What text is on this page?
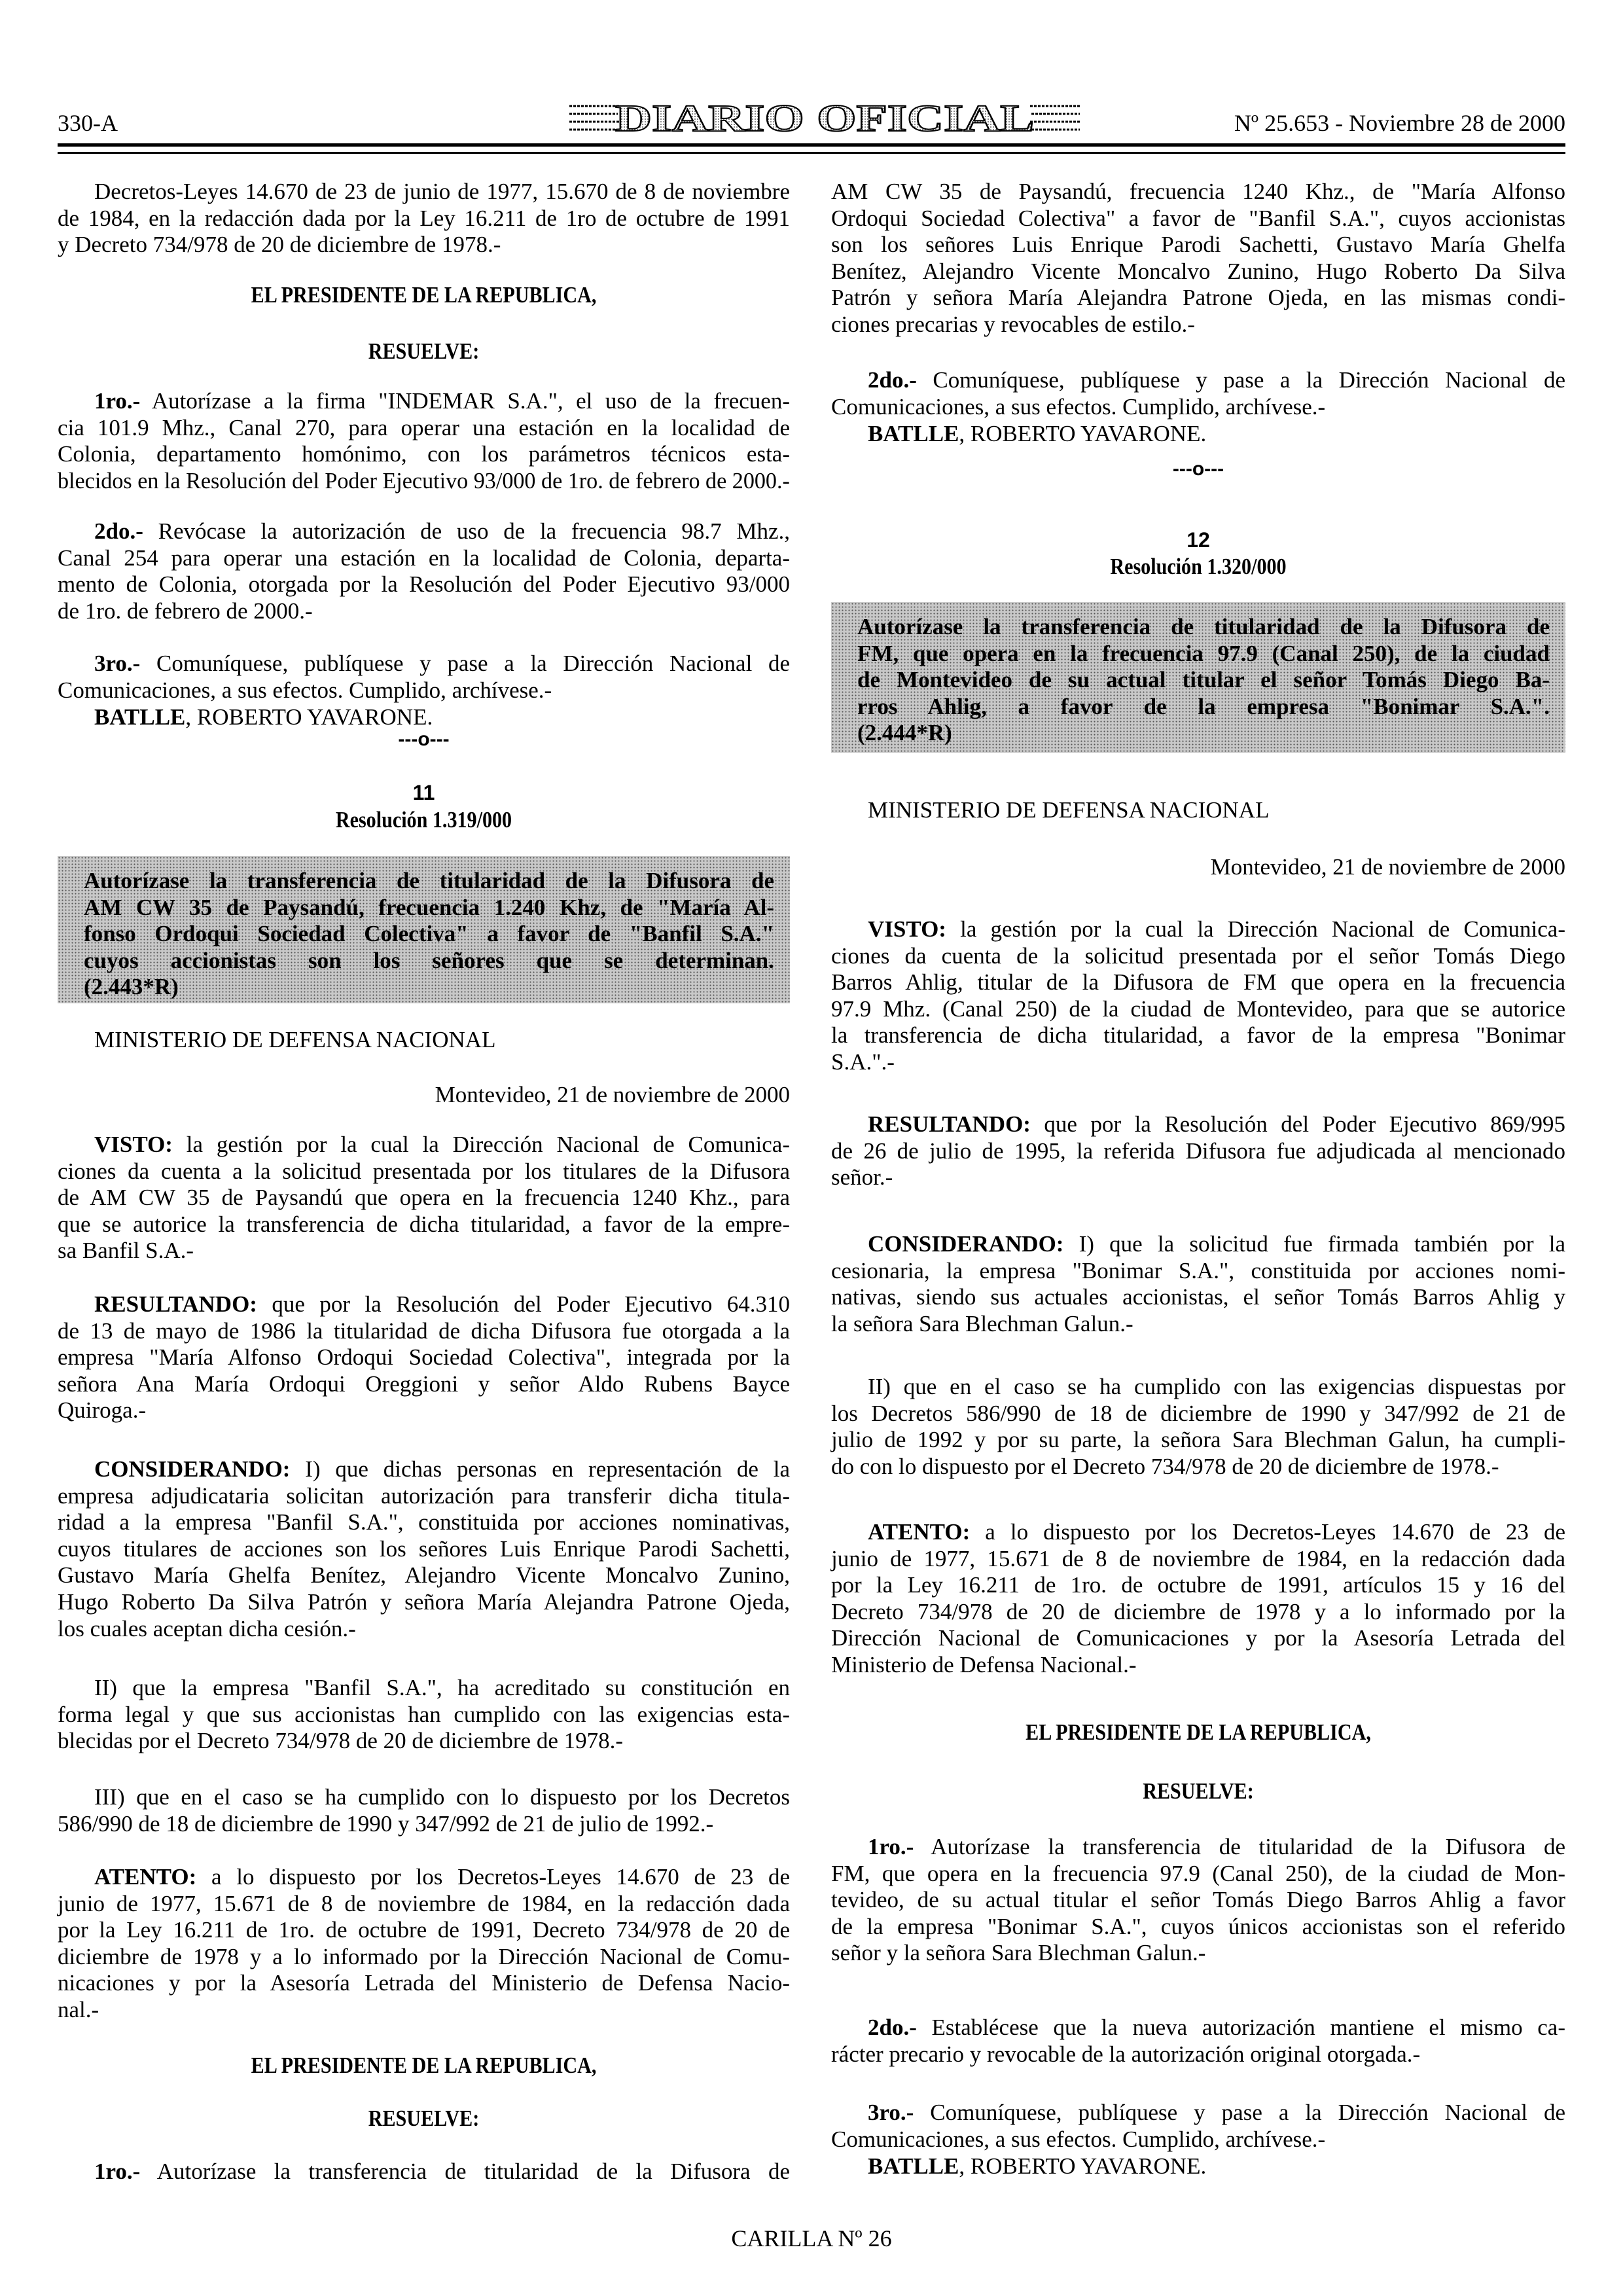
330-A	DIARIO OFICIAL	Nº 25.653 - Noviembre 28 de 2000
Decretos-Leyes 14.670 de 23 de junio de 1977, 15.670 de 8 de noviembre
de 1984, en la redacción dada por la Ley 16.211 de 1ro de octubre de 1991
y Decreto 734/978 de 20 de diciembre de 1978.-
EL PRESIDENTE DE LA REPUBLICA,
RESUELVE:
1ro.- Autorízase a la firma "INDEMAR S.A.", el uso de la frecuen-
cia 101.9 Mhz., Canal 270, para operar una estación en la localidad de
Colonia, departamento homónimo, con los parámetros técnicos esta-
blecidos en la Resolución del Poder Ejecutivo 93/000 de 1ro. de febrero de 2000.-
2do.- Revócase la autorización de uso de la frecuencia 98.7 Mhz.,
Canal 254 para operar una estación en la localidad de Colonia, departa-
mento de Colonia, otorgada por la Resolución del Poder Ejecutivo 93/000
de 1ro. de febrero de 2000.-
3ro.- Comuníquese, publíquese y pase a la Dirección Nacional de
Comunicaciones, a sus efectos. Cumplido, archívese.-
BATLLE, ROBERTO YAVARONE.
---o---
11
Resolución 1.319/000
Autorízase la transferencia de titularidad de la Difusora de
AM CW 35 de Paysandú, frecuencia 1.240 Khz, de "María Al-
fonso Ordoqui Sociedad Colectiva" a favor de "Banfil S.A."
cuyos accionistas son los señores que se determinan.
(2.443*R)
MINISTERIO DE DEFENSA NACIONAL
Montevideo, 21 de noviembre de 2000
VISTO: la gestión por la cual la Dirección Nacional de Comunica-
ciones da cuenta a la solicitud presentada por los titulares de la Difusora
de AM CW 35 de Paysandú que opera en la frecuencia 1240 Khz., para
que se autorice la transferencia de dicha titularidad, a favor de la empre-
sa Banfil S.A.-
RESULTANDO: que por la Resolución del Poder Ejecutivo 64.310
de 13 de mayo de 1986 la titularidad de dicha Difusora fue otorgada a la
empresa "María Alfonso Ordoqui Sociedad Colectiva", integrada por la
señora Ana María Ordoqui Oreggioni y señor Aldo Rubens Bayce
Quiroga.-
CONSIDERANDO: I) que dichas personas en representación de la
empresa adjudicataria solicitan autorización para transferir dicha titula-
ridad a la empresa "Banfil S.A.", constituida por acciones nominativas,
cuyos titulares de acciones son los señores Luis Enrique Parodi Sachetti,
Gustavo María Ghelfa Benítez, Alejandro Vicente Moncalvo Zunino,
Hugo Roberto Da Silva Patrón y señora María Alejandra Patrone Ojeda,
los cuales aceptan dicha cesión.-
II) que la empresa "Banfil S.A.", ha acreditado su constitución en
forma legal y que sus accionistas han cumplido con las exigencias esta-
blecidas por el Decreto 734/978 de 20 de diciembre de 1978.-
III) que en el caso se ha cumplido con lo dispuesto por los Decretos
586/990 de 18 de diciembre de 1990 y 347/992 de 21 de julio de 1992.-
ATENTO: a lo dispuesto por los Decretos-Leyes 14.670 de 23 de
junio de 1977, 15.671 de 8 de noviembre de 1984, en la redacción dada
por la Ley 16.211 de 1ro. de octubre de 1991, Decreto 734/978 de 20 de
diciembre de 1978 y a lo informado por la Dirección Nacional de Comu-
nicaciones y por la Asesoría Letrada del Ministerio de Defensa Nacio-
nal.-
EL PRESIDENTE DE LA REPUBLICA,
RESUELVE:
1ro.- Autorízase la transferencia de titularidad de la Difusora de
AM CW 35 de Paysandú, frecuencia 1240 Khz., de "María Alfonso
Ordoqui Sociedad Colectiva" a favor de "Banfil S.A.", cuyos accionistas
son los señores Luis Enrique Parodi Sachetti, Gustavo María Ghelfa
Benítez, Alejandro Vicente Moncalvo Zunino, Hugo Roberto Da Silva
Patrón y señora María Alejandra Patrone Ojeda, en las mismas condi-
ciones precarias y revocables de estilo.-
2do.- Comuníquese, publíquese y pase a la Dirección Nacional de
Comunicaciones, a sus efectos. Cumplido, archívese.-
BATLLE, ROBERTO YAVARONE.
---o---
12
Resolución 1.320/000
Autorízase la transferencia de titularidad de la Difusora de
FM, que opera en la frecuencia 97.9 (Canal 250), de la ciudad
de Montevideo de su actual titular el señor Tomás Diego Ba-
rros Ahlig, a favor de la empresa "Bonimar S.A.".
(2.444*R)
MINISTERIO DE DEFENSA NACIONAL
Montevideo, 21 de noviembre de 2000
VISTO: la gestión por la cual la Dirección Nacional de Comunica-
ciones da cuenta de la solicitud presentada por el señor Tomás Diego
Barros Ahlig, titular de la Difusora de FM que opera en la frecuencia
97.9 Mhz. (Canal 250) de la ciudad de Montevideo, para que se autorice
la transferencia de dicha titularidad, a favor de la empresa "Bonimar
S.A.".-
RESULTANDO: que por la Resolución del Poder Ejecutivo 869/995
de 26 de julio de 1995, la referida Difusora fue adjudicada al mencionado
señor.-
CONSIDERANDO: I) que la solicitud fue firmada también por la
cesionaria, la empresa "Bonimar S.A.", constituida por acciones nomi-
nativas, siendo sus actuales accionistas, el señor Tomás Barros Ahlig y
la señora Sara Blechman Galun.-
II) que en el caso se ha cumplido con las exigencias dispuestas por
los Decretos 586/990 de 18 de diciembre de 1990 y 347/992 de 21 de
julio de 1992 y por su parte, la señora Sara Blechman Galun, ha cumpli-
do con lo dispuesto por el Decreto 734/978 de 20 de diciembre de 1978.-
ATENTO: a lo dispuesto por los Decretos-Leyes 14.670 de 23 de
junio de 1977, 15.671 de 8 de noviembre de 1984, en la redacción dada
por la Ley 16.211 de 1ro. de octubre de 1991, artículos 15 y 16 del
Decreto 734/978 de 20 de diciembre de 1978 y a lo informado por la
Dirección Nacional de Comunicaciones y por la Asesoría Letrada del
Ministerio de Defensa Nacional.-
EL PRESIDENTE DE LA REPUBLICA,
RESUELVE:
1ro.- Autorízase la transferencia de titularidad de la Difusora de
FM, que opera en la frecuencia 97.9 (Canal 250), de la ciudad de Mon-
tevideo, de su actual titular el señor Tomás Diego Barros Ahlig a favor
de la empresa "Bonimar S.A.", cuyos únicos accionistas son el referido
señor y la señora Sara Blechman Galun.-
2do.- Establécese que la nueva autorización mantiene el mismo ca-
rácter precario y revocable de la autorización original otorgada.-
3ro.- Comuníquese, publíquese y pase a la Dirección Nacional de
Comunicaciones, a sus efectos. Cumplido, archívese.-
BATLLE, ROBERTO YAVARONE.
CARILLA Nº 26
